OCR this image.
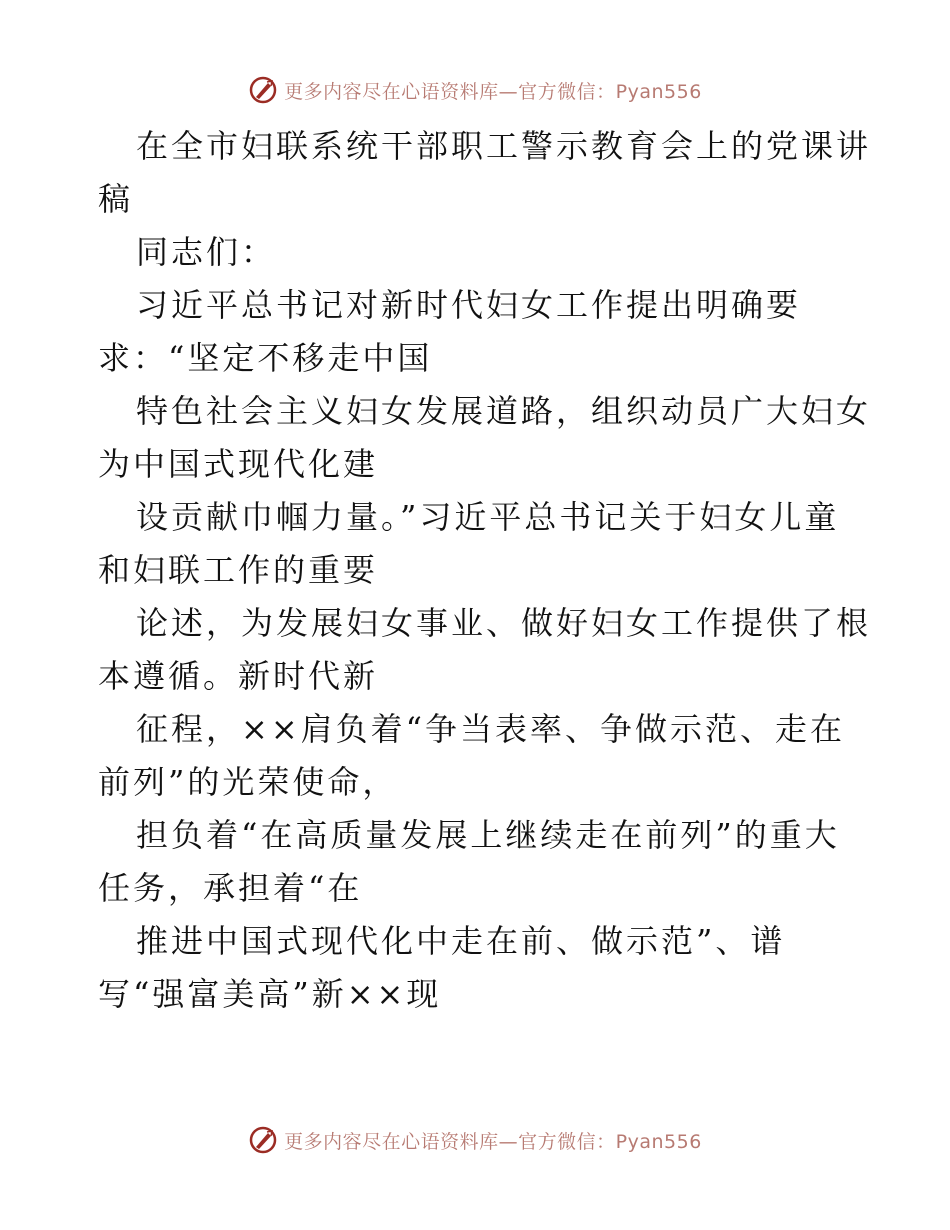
更多内容尽在心语资料库—官方微信：Pyan556
在全市妇联系统干部职工警示教育会上的党课讲
稿
同志们：
习近平总书记对新时代妇女工作提出明确要
求：“坚定不移走中国
特色社会主义妇女发展道路，组织动员广大妇女
为中国式现代化建
设贡献巾帼力量。”习近平总书记关于妇女儿童
和妇联工作的重要
论述，为发展妇女事业、做好妇女工作提供了根
本遵循。新时代新
征程，××肩负着“争当表率、争做示范、走在
前列”的光荣使命，
担负着“在高质量发展上继续走在前列”的重大
任务，承担着“在
推进中国式现代化中走在前、做示范”、谱
写“强富美高”新××现
更多内容尽在心语资料库—官方微信：Pyan556
